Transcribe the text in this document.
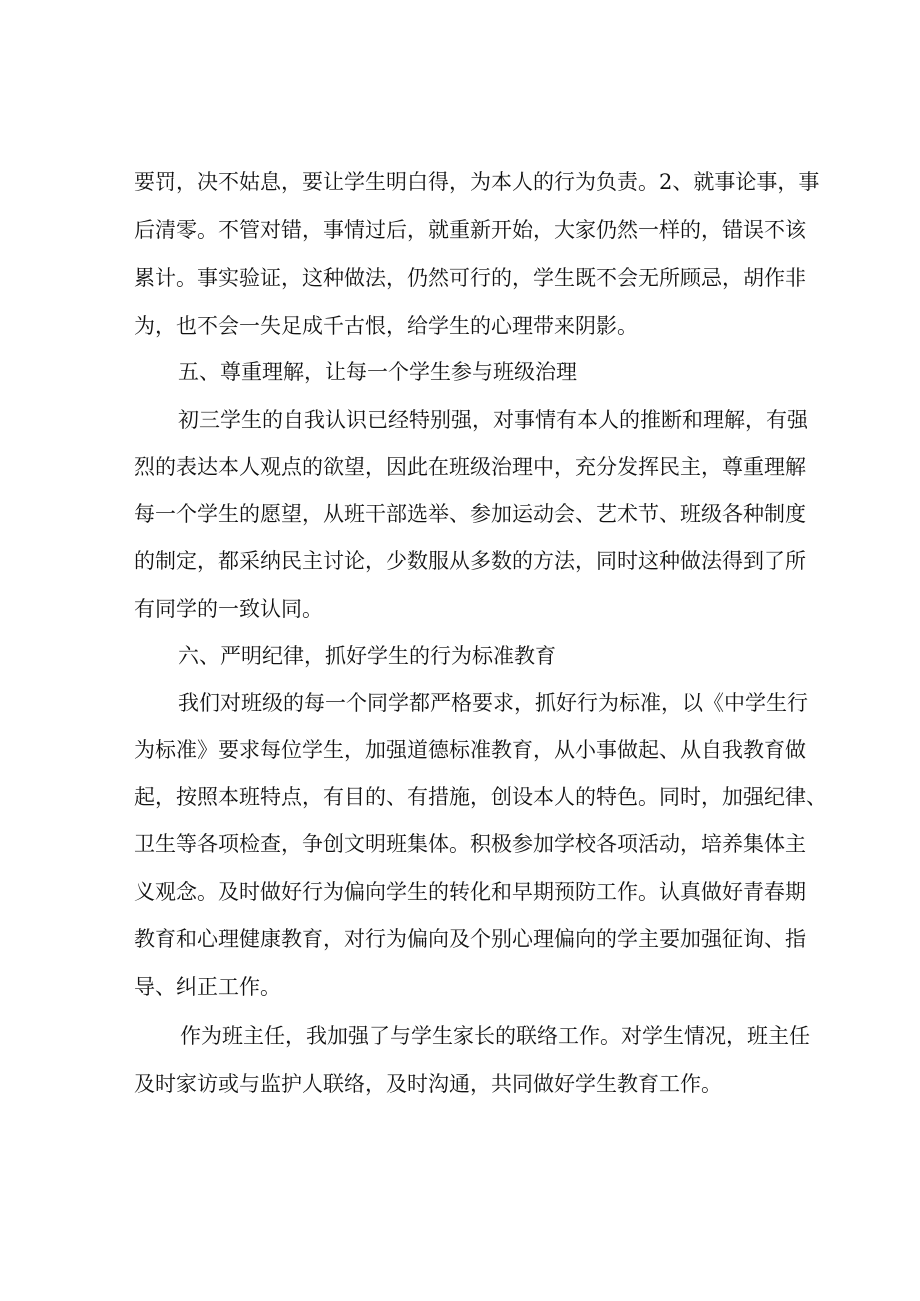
要罚，决不姑息，要让学生明白得，为本人的行为负责。2、就事论事，事

后清零。不管对错，事情过后，就重新开始，大家仍然一样的，错误不该

累计。事实验证，这种做法，仍然可行的，学生既不会无所顾忌，胡作非

为，也不会一失足成千古恨，给学生的心理带来阴影。

五、尊重理解，让每一个学生参与班级治理

初三学生的自我认识已经特别强，对事情有本人的推断和理解，有强

烈的表达本人观点的欲望，因此在班级治理中，充分发挥民主，尊重理解

每一个学生的愿望，从班干部选举、参加运动会、艺术节、班级各种制度

的制定，都采纳民主讨论，少数服从多数的方法，同时这种做法得到了所

有同学的一致认同。

六、严明纪律，抓好学生的行为标准教育

我们对班级的每一个同学都严格要求，抓好行为标准，以《中学生行

为标准》要求每位学生，加强道德标准教育，从小事做起、从自我教育做

起，按照本班特点，有目的、有措施，创设本人的特色。同时，加强纪律、

卫生等各项检查，争创文明班集体。积极参加学校各项活动，培养集体主

义观念。及时做好行为偏向学生的转化和早期预防工作。认真做好青春期

教育和心理健康教育，对行为偏向及个别心理偏向的学主要加强征询、指

导、纠正工作。

作为班主任，我加强了与学生家长的联络工作。对学生情况，班主任

及时家访或与监护人联络，及时沟通，共同做好学生教育工作。
